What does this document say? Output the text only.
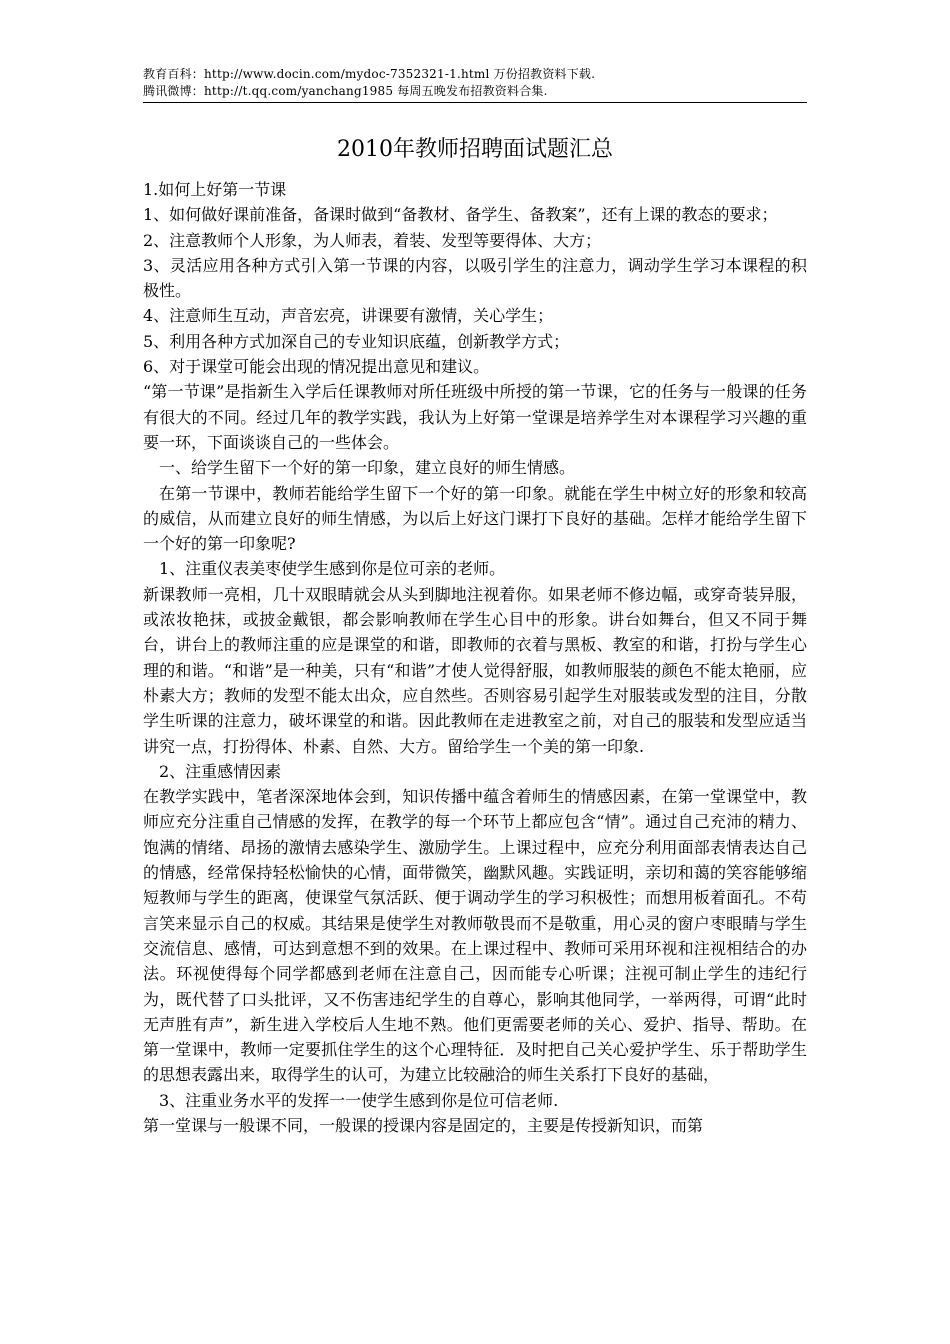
教育百科：http://www.docin.com/mydoc-7352321-1.html 万份招教资料下载.
腾讯微博：http://t.qq.com/yanchang1985 每周五晚发布招教资料合集.
2010年教师招聘面试题汇总

1.如何上好第一节课

1、如何做好课前准备，备课时做到“备教材、备学生、备教案”，还有上课的教态的要求；

2、注意教师个人形象，为人师表，着装、发型等要得体、大方；

3、灵活应用各种方式引入第一节课的内容，以吸引学生的注意力，调动学生学习本课程的积极性。

4、注意师生互动，声音宏亮，讲课要有激情，关心学生；

5、利用各种方式加深自己的专业知识底蕴，创新教学方式；

6、对于课堂可能会出现的情况提出意见和建议。

“第一节课”是指新生入学后任课教师对所任班级中所授的第一节课，它的任务与一般课的任务有很大的不同。经过几年的教学实践，我认为上好第一堂课是培养学生对本课程学习兴趣的重要一环，下面谈谈自己的一些体会。

一、给学生留下一个好的第一印象，建立良好的师生情感。

在第一节课中，教师若能给学生留下一个好的第一印象。就能在学生中树立好的形象和较高的威信，从而建立良好的师生情感，为以后上好这门课打下良好的基础。怎样才能给学生留下一个好的第一印象呢?

1、注重仪表美枣使学生感到你是位可亲的老师。

新课教师一亮相，几十双眼睛就会从头到脚地注视着你。如果老师不修边幅，或穿奇装异服，或浓妆艳抹，或披金戴银，都会影响教师在学生心目中的形象。讲台如舞台，但又不同于舞台，讲台上的教师注重的应是课堂的和谐，即教师的衣着与黑板、教室的和谐，打扮与学生心理的和谐。“和谐”是一种美，只有“和谐”才使人觉得舒服，如教师服装的颜色不能太艳丽，应朴素大方；教师的发型不能太出众，应自然些。否则容易引起学生对服装或发型的注目，分散学生听课的注意力，破坏课堂的和谐。因此教师在走进教室之前，对自己的服装和发型应适当讲究一点，打扮得体、朴素、自然、大方。留给学生一个美的第一印象.

2、注重感情因素

在教学实践中，笔者深深地体会到，知识传播中蕴含着师生的情感因素，在第一堂课堂中，教师应充分注重自己情感的发挥，在教学的每一个环节上都应包含“情”。通过自己充沛的精力、饱满的情绪、昂扬的激情去感染学生、激励学生。上课过程中，应充分利用面部表情表达自己的情感，经常保持轻松愉快的心情，面带微笑，幽默风趣。实践证明，亲切和蔼的笑容能够缩短教师与学生的距离，使课堂气氛活跃、便于调动学生的学习积极性；而想用板着面孔。不苟言笑来显示自己的权威。其结果是使学生对教师敬畏而不是敬重，用心灵的窗户枣眼睛与学生交流信息、感情，可达到意想不到的效果。在上课过程中、教师可采用环视和注视相结合的办法。环视使得每个同学都感到老师在注意自己，因而能专心听课；注视可制止学生的违纪行为，既代替了口头批评，又不伤害违纪学生的自尊心，影响其他同学，一举两得，可谓“此时无声胜有声”，新生进入学校后人生地不熟。他们更需要老师的关心、爱护、指导、帮助。在第一堂课中，教师一定要抓住学生的这个心理特征．及时把自己关心爱护学生、乐于帮助学生的思想表露出来，取得学生的认可，为建立比较融洽的师生关系打下良好的基础，

3、注重业务水平的发挥一一使学生感到你是位可信老师.

第一堂课与一般课不同，一般课的授课内容是固定的，主要是传授新知识，而第
